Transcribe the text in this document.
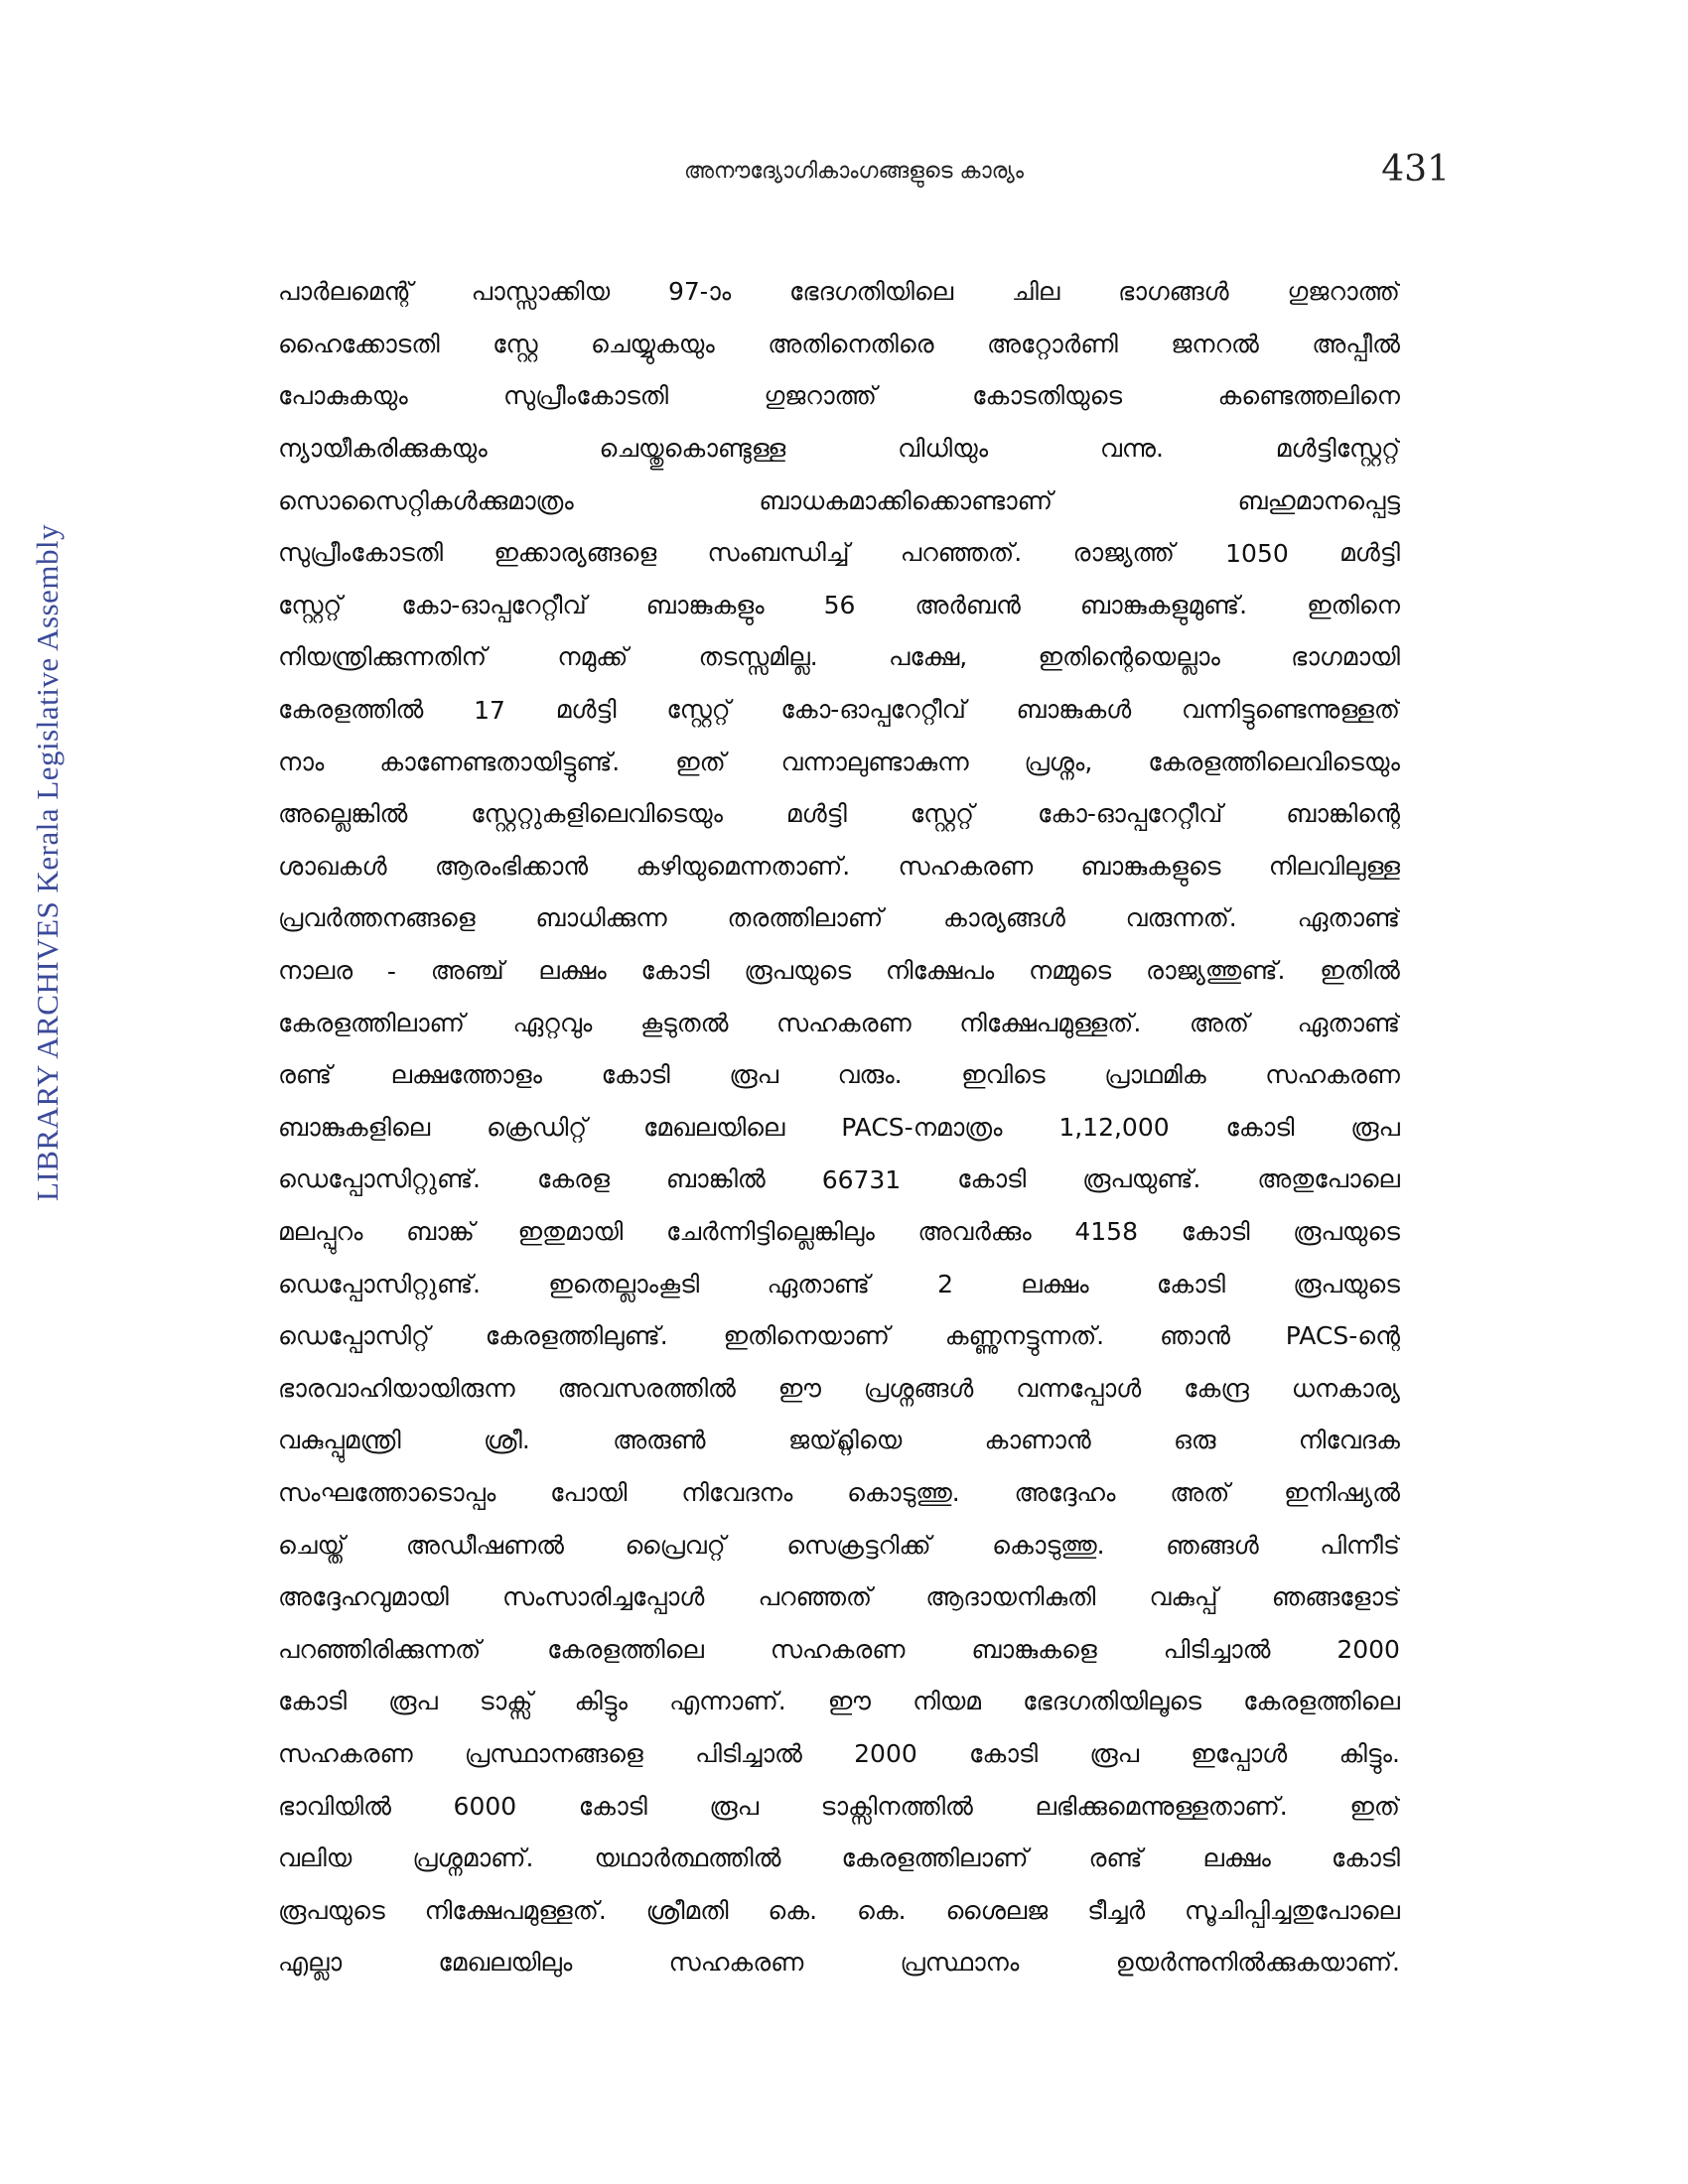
അനൗദ്യോഗികാംഗങ്ങളുടെ കാര്യം	431
LIBRARY ARCHIVES Kerala Legislative Assembly
പാർലമെന്റ് പാസ്സാക്കിയ 97-ാം ഭേദഗതിയിലെ ചില ഭാഗങ്ങൾ ഗുജറാത്ത്
ഹൈക്കോടതി സ്റ്റേ ചെയ്യുകയും അതിനെതിരെ അറ്റോർണി ജനറൽ അപ്പീൽ
പോകുകയും	സുപ്രീംകോടതി	ഗുജറാത്ത്	കോടതിയുടെ	കണ്ടെത്തലിനെ
ന്യായീകരിക്കുകയും	ചെയ്തുകൊണ്ടുള്ള	വിധിയും	വന്നു.	മൾട്ടിസ്റ്റേറ്റ്
സൊസൈറ്റികൾക്കുമാത്രം	ബാധകമാക്കിക്കൊണ്ടാണ്	ബഹുമാനപ്പെട്ട
സുപ്രീംകോടതി ഇക്കാര്യങ്ങളെ സംബന്ധിച്ച് പറഞ്ഞത്. രാജ്യത്ത് 1050 മൾട്ടി
സ്റ്റേറ്റ് കോ-ഓപ്പറേറ്റീവ് ബാങ്കുകളും 56 അർബൻ ബാങ്കുകളുമുണ്ട്. ഇതിനെ
നിയന്ത്രിക്കുന്നതിന്	നമുക്ക്	തടസ്സമില്ല.	പക്ഷേ,	ഇതിന്റെയെല്ലാം	ഭാഗമായി
കേരളത്തിൽ 17 മൾട്ടി സ്റ്റേറ്റ് കോ-ഓപ്പറേറ്റീവ് ബാങ്കുകൾ വന്നിട്ടുണ്ടെന്നുള്ളത്
നാം കാണേണ്ടതായിട്ടുണ്ട്. ഇത് വന്നാലുണ്ടാകുന്ന പ്രശ്നം, കേരളത്തിലെവിടെയും
അല്ലെങ്കിൽ	സ്റ്റേറ്റുകളിലെവിടെയും	മൾട്ടി	സ്റ്റേറ്റ്	കോ-ഓപ്പറേറ്റീവ്	ബാങ്കിന്റെ
ശാഖകൾ ആരംഭിക്കാൻ കഴിയുമെന്നതാണ്. സഹകരണ ബാങ്കുകളുടെ നിലവിലുള്ള
പ്രവർത്തനങ്ങളെ ബാധിക്കുന്ന തരത്തിലാണ് കാര്യങ്ങൾ വരുന്നത്. ഏതാണ്ട്
നാലര - അഞ്ച് ലക്ഷം കോടി രൂപയുടെ നിക്ഷേപം നമ്മുടെ രാജ്യത്തുണ്ട്. ഇതിൽ
കേരളത്തിലാണ് ഏറ്റവും കൂടുതൽ സഹകരണ നിക്ഷേപമുള്ളത്. അത് ഏതാണ്ട്
രണ്ട് ലക്ഷത്തോളം കോടി രൂപ വരും. ഇവിടെ പ്രാഥമിക സഹകരണ
ബാങ്കുകളിലെ ക്രെഡിറ്റ് മേഖലയിലെ PACS-നമാത്രം 1,12,000 കോടി രൂപ
ഡെപ്പോസിറ്റുണ്ട്. കേരള ബാങ്കിൽ 66731 കോടി രൂപയുണ്ട്. അതുപോലെ
മലപ്പുറം ബാങ്ക് ഇതുമായി ചേർന്നിട്ടില്ലെങ്കിലും അവർക്കും 4158 കോടി രൂപയുടെ
ഡെപ്പോസിറ്റുണ്ട്.	ഇതെല്ലാംകൂടി	ഏതാണ്ട്	2	ലക്ഷം	കോടി	രൂപയുടെ
ഡെപ്പോസിറ്റ് കേരളത്തിലുണ്ട്. ഇതിനെയാണ് കണ്ണുനട്ടുന്നത്. ഞാൻ PACS-ന്റെ
ഭാരവാഹിയായിരുന്ന അവസരത്തിൽ ഈ പ്രശ്നങ്ങൾ വന്നപ്പോൾ കേന്ദ്ര ധനകാര്യ
വകുപ്പുമന്ത്രി	ശ്രീ.	അരുൺ	ജയ്റ്റ്ലിയെ	കാണാൻ	ഒരു	നിവേദക
സംഘത്തോടൊപ്പം പോയി നിവേദനം കൊടുത്തു. അദ്ദേഹം അത് ഇനിഷ്യൽ
ചെയ്ത് അഡീഷണൽ പ്രൈവറ്റ് സെക്രട്ടറിക്ക് കൊടുത്തു. ഞങ്ങൾ പിന്നീട്
അദ്ദേഹവുമായി സംസാരിച്ചപ്പോൾ പറഞ്ഞത് ആദായനികുതി വകുപ്പ് ഞങ്ങളോട്
പറഞ്ഞിരിക്കുന്നത്	കേരളത്തിലെ	സഹകരണ	ബാങ്കുകളെ	പിടിച്ചാൽ	2000
കോടി രൂപ ടാക്സ് കിട്ടും എന്നാണ്. ഈ നിയമ ഭേദഗതിയിലൂടെ കേരളത്തിലെ
സഹകരണ പ്രസ്ഥാനങ്ങളെ പിടിച്ചാൽ 2000 കോടി രൂപ ഇപ്പോൾ കിട്ടും.
ഭാവിയിൽ	6000	കോടി	രൂപ	ടാക്സിനത്തിൽ	ലഭിക്കുമെന്നുള്ളതാണ്.	ഇത്
വലിയ പ്രശ്നമാണ്. യഥാർത്ഥത്തിൽ കേരളത്തിലാണ് രണ്ട് ലക്ഷം കോടി
രൂപയുടെ നിക്ഷേപമുള്ളത്. ശ്രീമതി കെ. കെ. ശൈലജ ടീച്ചർ സൂചിപ്പിച്ചതുപോലെ
എല്ലാ	മേഖലയിലും	സഹകരണ	പ്രസ്ഥാനം	ഉയർന്നുനിൽക്കുകയാണ്.
